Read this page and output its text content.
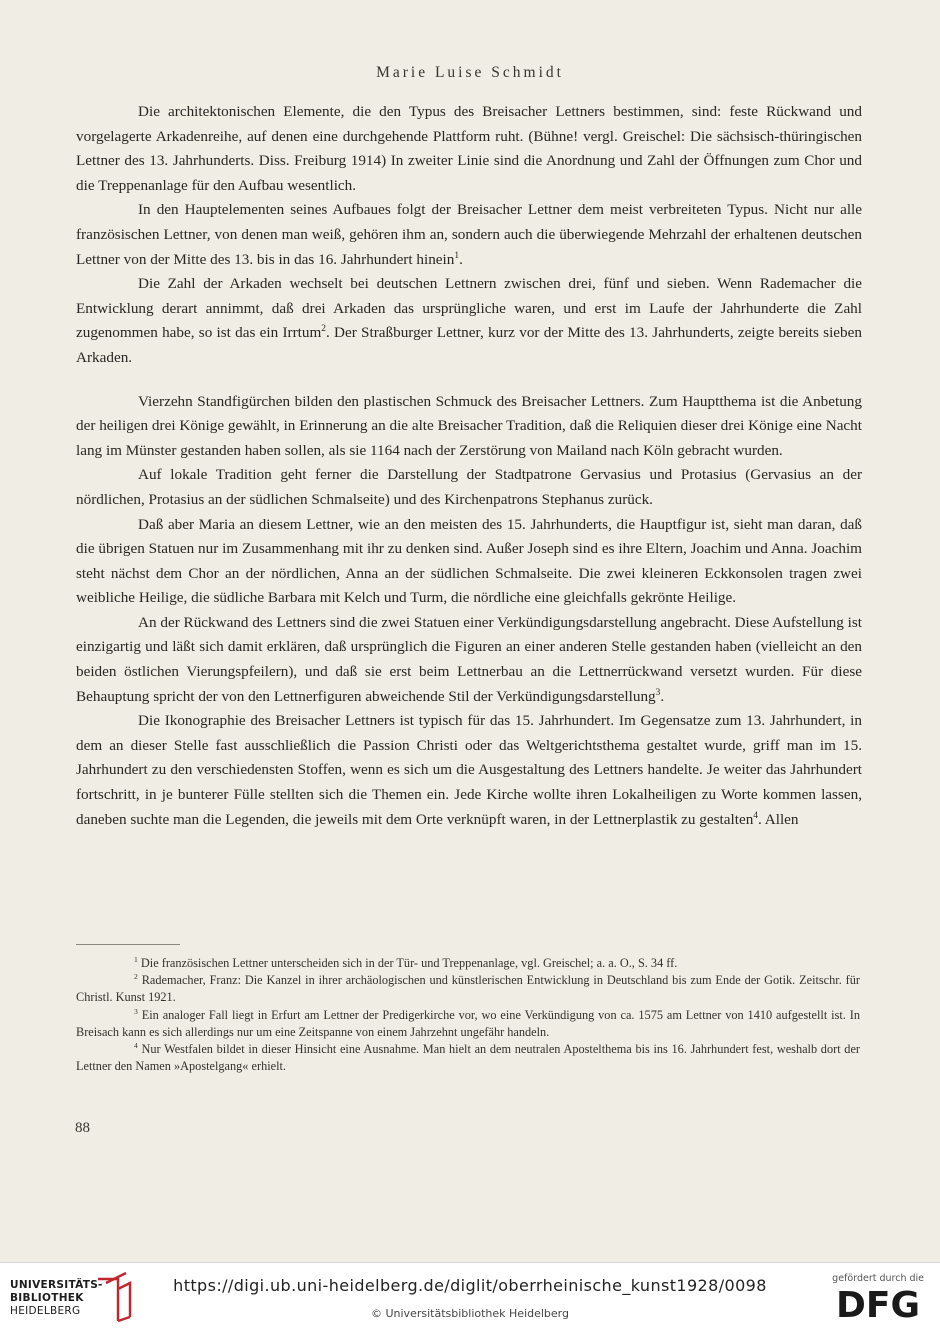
Marie Luise Schmidt

Die architektonischen Elemente, die den Typus des Breisacher Lettners bestimmen, sind: feste Rückwand und vorgelagerte Arkadenreihe, auf denen eine durchgehende Plattform ruht. (Bühne! vergl. Greischel: Die sächsisch-thüringischen Lettner des 13. Jahrhunderts. Diss. Freiburg 1914) In zweiter Linie sind die Anordnung und Zahl der Öffnungen zum Chor und die Treppenanlage für den Aufbau wesentlich.

In den Hauptelementen seines Aufbaues folgt der Breisacher Lettner dem meist verbreiteten Typus. Nicht nur alle französischen Lettner, von denen man weiß, gehören ihm an, sondern auch die überwiegende Mehrzahl der erhaltenen deutschen Lettner von der Mitte des 13. bis in das 16. Jahrhundert hinein$^1$.

Die Zahl der Arkaden wechselt bei deutschen Lettnern zwischen drei, fünf und sieben. Wenn Rademacher die Entwicklung derart annimmt, daß drei Arkaden das ursprüngliche waren, und erst im Laufe der Jahrhunderte die Zahl zugenommen habe, so ist das ein Irrtum$^2$. Der Straßburger Lettner, kurz vor der Mitte des 13. Jahrhunderts, zeigte bereits sieben Arkaden.

Vierzehn Standfigürchen bilden den plastischen Schmuck des Breisacher Lettners. Zum Hauptthema ist die Anbetung der heiligen drei Könige gewählt, in Erinnerung an die alte Breisacher Tradition, daß die Reliquien dieser drei Könige eine Nacht lang im Münster gestanden haben sollen, als sie 1164 nach der Zerstörung von Mailand nach Köln gebracht wurden.

Auf lokale Tradition geht ferner die Darstellung der Stadtpatrone Gervasius und Protasius (Gervasius an der nördlichen, Protasius an der südlichen Schmalseite) und des Kirchenpatrons Stephanus zurück.

Daß aber Maria an diesem Lettner, wie an den meisten des 15. Jahrhunderts, die Hauptfigur ist, sieht man daran, daß die übrigen Statuen nur im Zusammenhang mit ihr zu denken sind. Außer Joseph sind es ihre Eltern, Joachim und Anna. Joachim steht nächst dem Chor an der nördlichen, Anna an der südlichen Schmalseite. Die zwei kleineren Eckkonsolen tragen zwei weibliche Heilige, die südliche Barbara mit Kelch und Turm, die nördliche eine gleichfalls gekrönte Heilige.

An der Rückwand des Lettners sind die zwei Statuen einer Verkündigungsdarstellung angebracht. Diese Aufstellung ist einzigartig und läßt sich damit erklären, daß ursprünglich die Figuren an einer anderen Stelle gestanden haben (vielleicht an den beiden östlichen Vierungspfeilern), und daß sie erst beim Lettnerbau an die Lettnerrückwand versetzt wurden. Für diese Behauptung spricht der von den Lettnerfiguren abweichende Stil der Verkündigungsdarstellung$^3$.

Die Ikonographie des Breisacher Lettners ist typisch für das 15. Jahrhundert. Im Gegensatze zum 13. Jahrhundert, in dem an dieser Stelle fast ausschließlich die Passion Christi oder das Weltgerichtsthema gestaltet wurde, griff man im 15. Jahrhundert zu den verschiedensten Stoffen, wenn es sich um die Ausgestaltung des Lettners handelte. Je weiter das Jahrhundert fortschritt, in je bunterer Fülle stellten sich die Themen ein. Jede Kirche wollte ihren Lokalheiligen zu Worte kommen lassen, daneben suchte man die Legenden, die jeweils mit dem Orte verknüpft waren, in der Lettnerplastik zu gestalten$^4$. Allen

$^1$ Die französischen Lettner unterscheiden sich in der Tür- und Treppenanlage, vgl. Greischel; a. a. O., S. 34 ff.

$^2$ Rademacher, Franz: Die Kanzel in ihrer archäologischen und künstlerischen Entwicklung in Deutschland bis zum Ende der Gotik. Zeitschr. für Christl. Kunst 1921.

$^3$ Ein analoger Fall liegt in Erfurt am Lettner der Predigerkirche vor, wo eine Verkündigung von ca. 1575 am Lettner von 1410 aufgestellt ist. In Breisach kann es sich allerdings nur um eine Zeitspanne von einem Jahrzehnt ungefähr handeln.

$^4$ Nur Westfalen bildet in dieser Hinsicht eine Ausnahme. Man hielt an dem neutralen Apostelthema bis ins 16. Jahrhundert fest, weshalb dort der Lettner den Namen »Apostelgang« erhielt.

88
UNIVERSITÄTS-
BIBLIOTHEK
HEIDELBERG
https://digi.ub.uni-heidelberg.de/diglit/oberrheinische_kunst1928/0098
© Universitätsbibliothek Heidelberg
gefördert durch die
DFG
